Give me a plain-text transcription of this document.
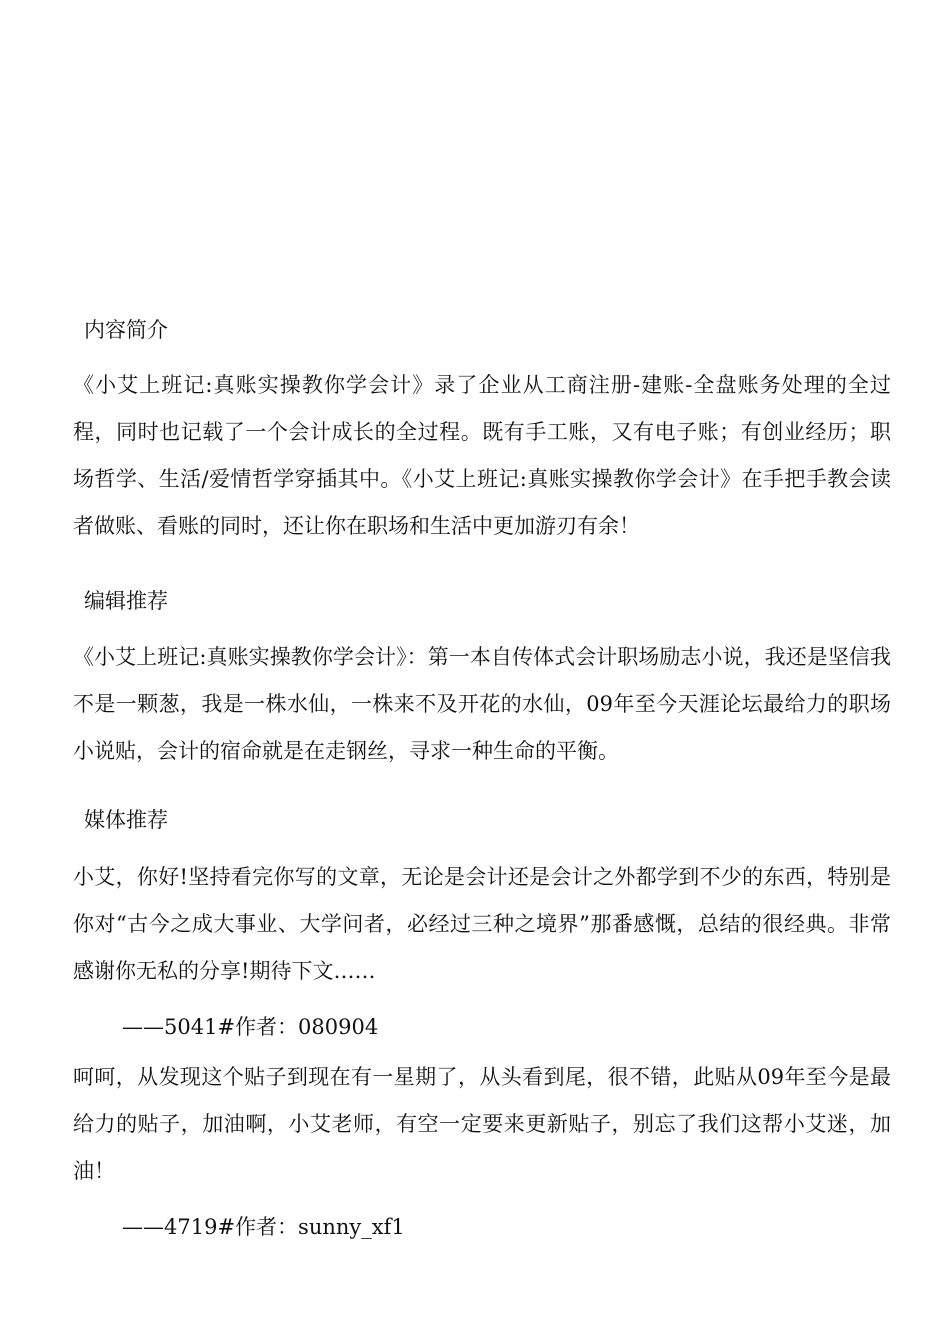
内容简介
《小艾上班记:真账实操教你学会计》录了企业从工商注册-建账-全盘账务处理的全过程，同时也记载了一个会计成长的全过程。既有手工账，又有电子账；有创业经历；职场哲学、生活/爱情哲学穿插其中。《小艾上班记:真账实操教你学会计》在手把手教会读者做账、看账的同时，还让你在职场和生活中更加游刃有余！
编辑推荐
《小艾上班记:真账实操教你学会计》：第一本自传体式会计职场励志小说，我还是坚信我不是一颗葱，我是一株水仙，一株来不及开花的水仙，09年至今天涯论坛最给力的职场小说贴，会计的宿命就是在走钢丝，寻求一种生命的平衡。
媒体推荐
小艾，你好!坚持看完你写的文章，无论是会计还是会计之外都学到不少的东西，特别是你对“古今之成大事业、大学问者，必经过三种之境界”那番感慨，总结的很经典。非常感谢你无私的分享!期待下文……
——5041#作者：080904
呵呵，从发现这个贴子到现在有一星期了，从头看到尾，很不错，此贴从09年至今是最给力的贴子，加油啊，小艾老师，有空一定要来更新贴子，别忘了我们这帮小艾迷，加油！
——4719#作者：sunny_xf1
